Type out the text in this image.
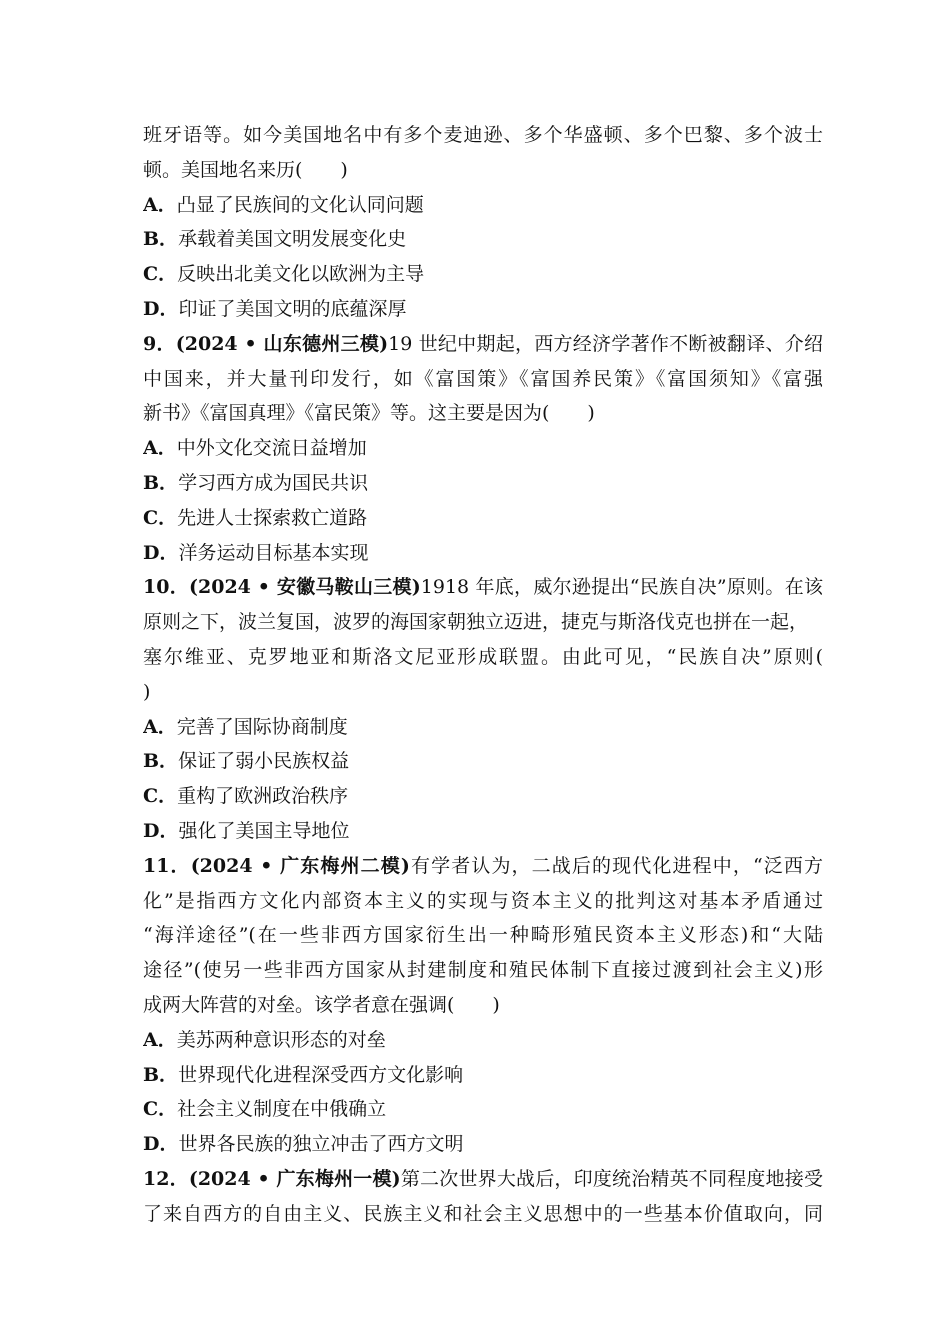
班牙语等。如今美国地名中有多个麦迪逊、多个华盛顿、多个巴黎、多个波士
顿。美国地名来历(　　)
A．凸显了民族间的文化认同问题
B．承载着美国文明发展变化史
C．反映出北美文化以欧洲为主导
D．印证了美国文明的底蕴深厚
9．(2024 • 山东德州三模)19 世纪中期起，西方经济学著作不断被翻译、介绍
中国来，并大量刊印发行，如《富国策》《富国养民策》《富国须知》《富强
新书》《富国真理》《富民策》等。这主要是因为(　　)
A．中外文化交流日益增加
B．学习西方成为国民共识
C．先进人士探索救亡道路
D．洋务运动目标基本实现
10．(2024 • 安徽马鞍山三模)1918 年底，威尔逊提出“民族自决”原则。在该
原则之下，波兰复国，波罗的海国家朝独立迈进，捷克与斯洛伐克也拼在一起，
塞尔维亚、克罗地亚和斯洛文尼亚形成联盟。由此可见，“民族自决”原则(
)
A．完善了国际协商制度
B．保证了弱小民族权益
C．重构了欧洲政治秩序
D．强化了美国主导地位
11．(2024 • 广东梅州二模)有学者认为，二战后的现代化进程中，“泛西方
化”是指西方文化内部资本主义的实现与资本主义的批判这对基本矛盾通过
“海洋途径”(在一些非西方国家衍生出一种畸形殖民资本主义形态)和“大陆
途径”(使另一些非西方国家从封建制度和殖民体制下直接过渡到社会主义)形
成两大阵营的对垒。该学者意在强调(　　)
A．美苏两种意识形态的对垒
B．世界现代化进程深受西方文化影响
C．社会主义制度在中俄确立
D．世界各民族的独立冲击了西方文明
12．(2024 • 广东梅州一模)第二次世界大战后，印度统治精英不同程度地接受
了来自西方的自由主义、民族主义和社会主义思想中的一些基本价值取向，同
